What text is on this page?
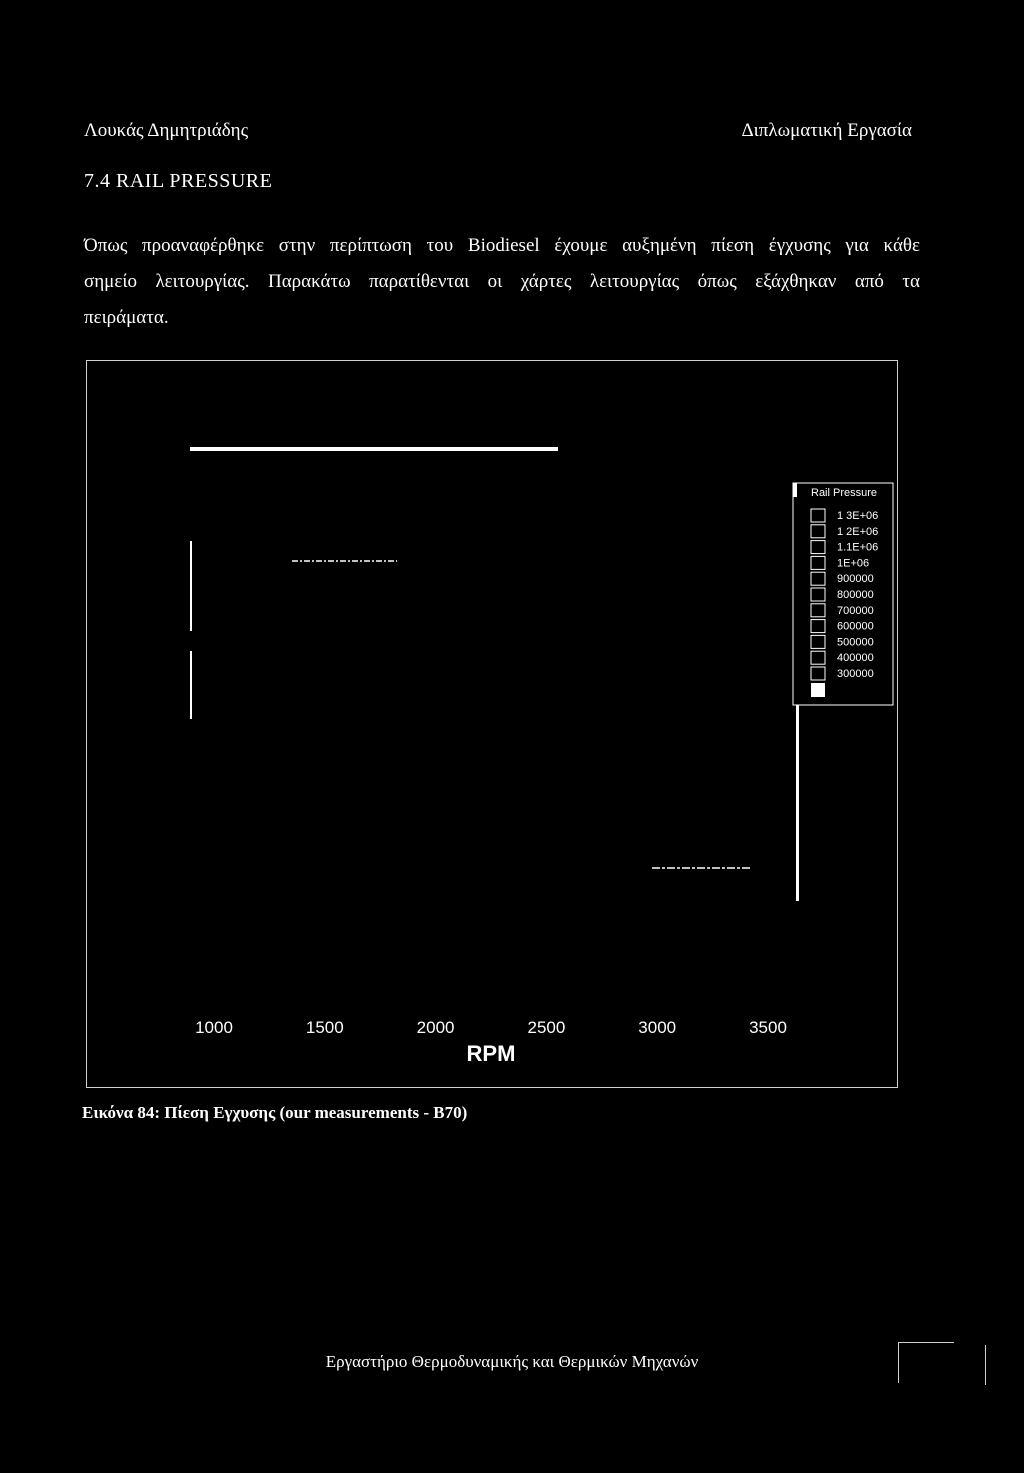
Λουκάς Δημητριάδης	Διπλωματική Εργασία
7.4 RAIL PRESSURE
Όπως προαναφέρθηκε στην περίπτωση του Biodiesel έχουμε αυξημένη πίεση έγχυσης για κάθε
σημείο λειτουργίας. Παρακάτω παρατίθενται οι χάρτες λειτουργίας όπως εξάχθηκαν από τα
πειράματα.
Rail Pressure
1 3E+06
1 2E+06
1.1E+06
1E+06
900000
800000
700000
600000
500000
400000
300000
1000	1500	2000	2500	3000	3500
RPM
Εικόνα 84: Πίεση Εγχυσης (our measurements - B70)
Εργαστήριο Θερμοδυναμικής και Θερμικών Μηχανών
